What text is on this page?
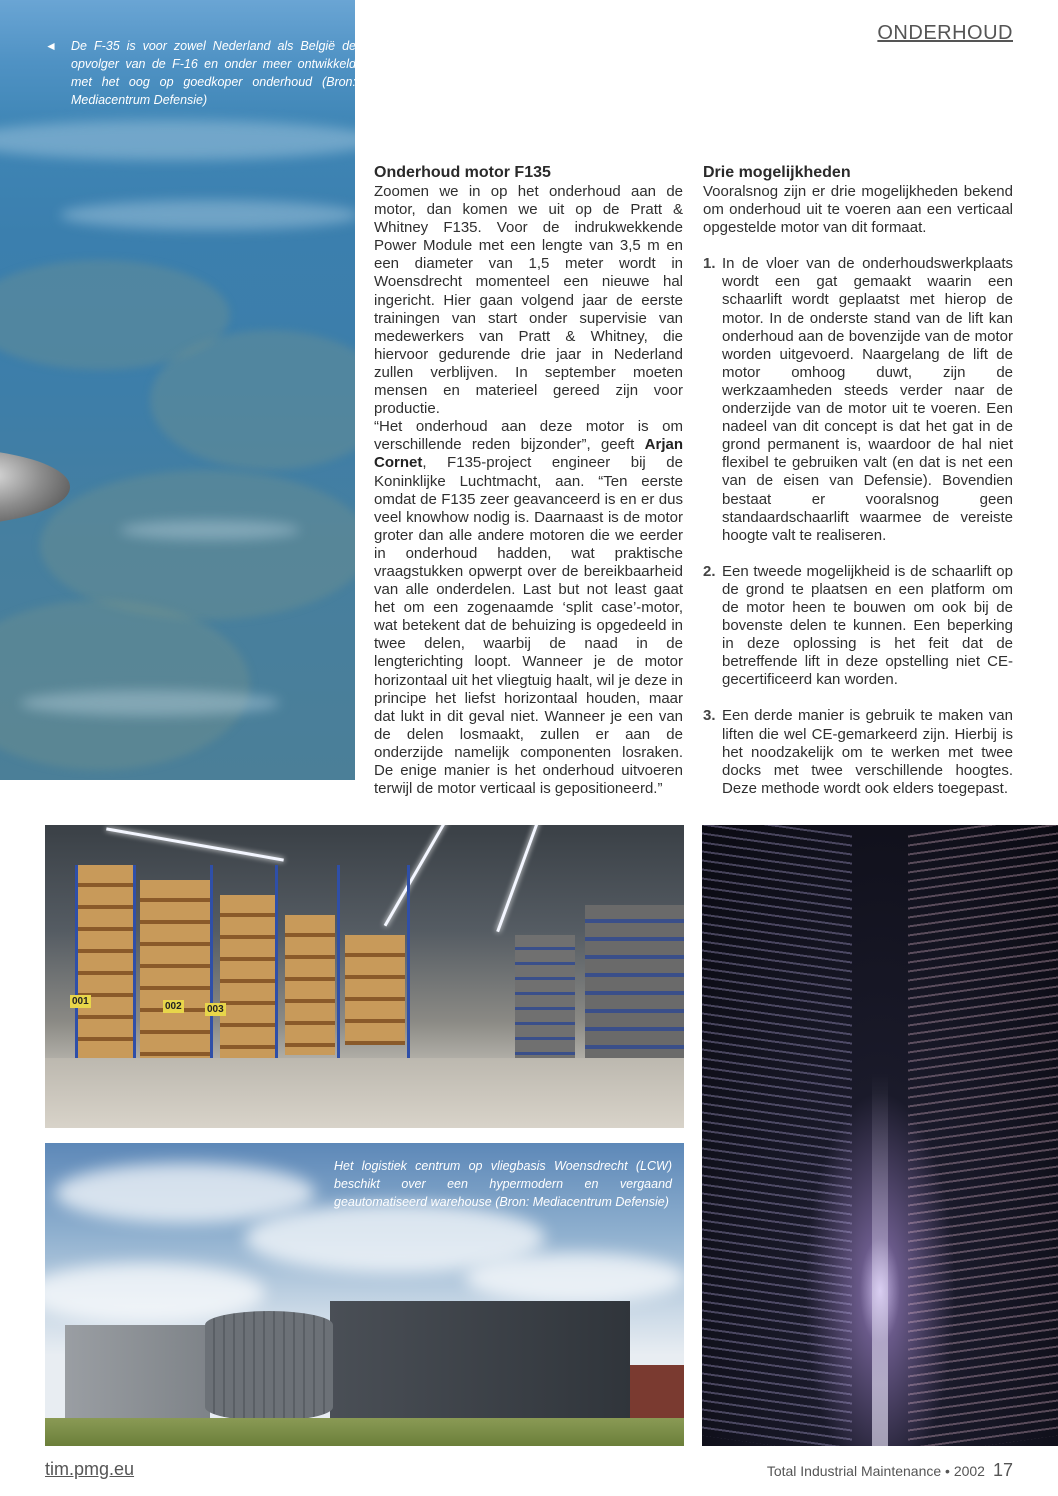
◄ De F-35 is voor zowel Nederland als België de opvolger van de F-16 en onder meer ontwikkeld met het oog op goedkoper onderhoud (Bron: Mediacentrum Defensie)
ONDERHOUD
Onderhoud motor F135

Zoomen we in op het onderhoud aan de motor, dan komen we uit op de Pratt & Whitney F135. Voor de indrukwekkende Power Module met een lengte van 3,5 m en een diameter van 1,5 meter wordt in Woensdrecht momenteel een nieuwe hal ingericht. Hier gaan volgend jaar de eerste trainingen van start onder supervisie van medewerkers van Pratt & Whitney, die hiervoor gedurende drie jaar in Nederland zullen verblijven. In september moeten mensen en materieel gereed zijn voor productie.

“Het onderhoud aan deze motor is om verschillende reden bijzonder”, geeft Arjan Cornet, F135-project engineer bij de Koninklijke Luchtmacht, aan. “Ten eerste omdat de F135 zeer geavanceerd is en er dus veel knowhow nodig is. Daarnaast is de motor groter dan alle andere motoren die we eerder in onderhoud hadden, wat praktische vraagstukken opwerpt over de bereikbaarheid van alle onderdelen. Last but not least gaat het om een zogenaamde ‘split case’-motor, wat betekent dat de behuizing is opgedeeld in twee delen, waarbij de naad in de lengterichting loopt. Wanneer je de motor horizontaal uit het vliegtuig haalt, wil je deze in principe het liefst horizontaal houden, maar dat lukt in dit geval niet. Wanneer je een van de delen losmaakt, zullen er aan de onderzijde namelijk componenten losraken. De enige manier is het onderhoud uitvoeren terwijl de motor verticaal is gepositioneerd.”

Drie mogelijkheden

Vooralsnog zijn er drie mogelijkheden bekend om onderhoud uit te voeren aan een verticaal opgestelde motor van dit formaat.

1. In de vloer van de onderhoudswerkplaats wordt een gat gemaakt waarin een schaarlift wordt geplaatst met hierop de motor. In de onderste stand van de lift kan onderhoud aan de bovenzijde van de motor worden uitgevoerd. Naargelang de lift de motor omhoog duwt, zijn de werkzaamheden steeds verder naar de onderzijde van de motor uit te voeren. Een nadeel van dit concept is dat het gat in de grond permanent is, waardoor de hal niet flexibel te gebruiken valt (en dat is net een van de eisen van Defensie). Bovendien bestaat er vooralsnog geen standaardschaarlift waarmee de vereiste hoogte valt te realiseren.
2. Een tweede mogelijkheid is de schaarlift op de grond te plaatsen en een platform om de motor heen te bouwen om ook bij de bovenste delen te kunnen. Een beperking in deze oplossing is het feit dat de betreffende lift in deze opstelling niet CE-gecertificeerd kan worden.
3. Een derde manier is gebruik te maken van liften die wel CE-gemarkeerd zijn. Hierbij is het noodzakelijk om te werken met twee docks met twee verschillende hoogtes. Deze methode wordt ook elders toegepast.
001	002	003
Het logistiek centrum op vliegbasis Woensdrecht (LCW) beschikt over een hypermodern en vergaand geautomatiseerd warehouse (Bron: Mediacentrum Defensie)
tim.pmg.eu	Total Industrial Maintenance • 2002 17
